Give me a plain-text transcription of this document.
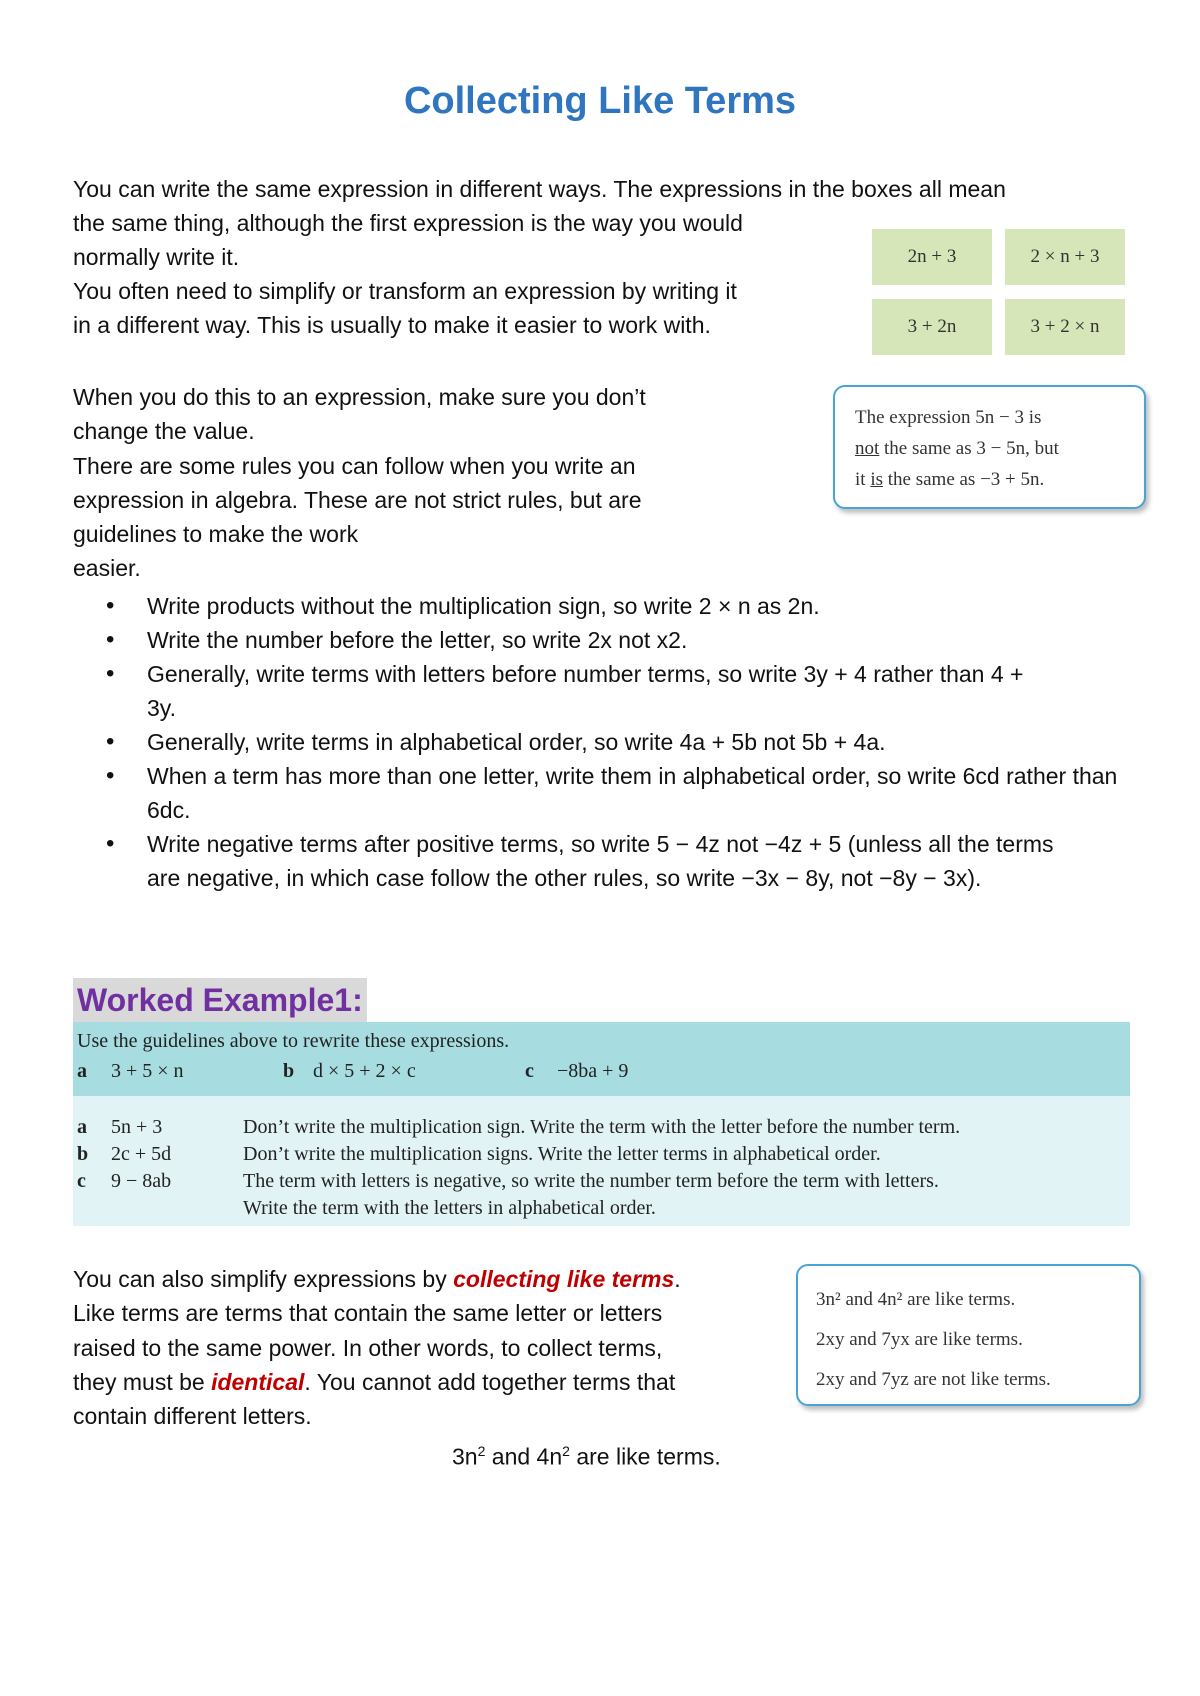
Collecting Like Terms
You can write the same expression in different ways. The expressions in the boxes all mean
the same thing, although the first expression is the way you would
normally write it.
You often need to simplify or transform an expression by writing it
in a different way. This is usually to make it easier to work with.
2n + 3	2 × n + 3
3 + 2n	3 + 2 × n
When you do this to an expression, make sure you don’t
change the value.
There are some rules you can follow when you write an
expression in algebra. These are not strict rules, but are
guidelines to make the work
easier.
The expression 5n − 3 is
not the same as 3 − 5n, but
it is the same as −3 + 5n.
• Write products without the multiplication sign, so write 2 × n as 2n.
• Write the number before the letter, so write 2x not x2.
• Generally, write terms with letters before number terms, so write 3y + 4 rather than 4 + 3y.
• Generally, write terms in alphabetical order, so write 4a + 5b not 5b + 4a.
• When a term has more than one letter, write them in alphabetical order, so write 6cd rather than 6dc.
• Write negative terms after positive terms, so write 5 − 4z not −4z + 5 (unless all the terms are negative, in which case follow the other rules, so write −3x − 8y, not −8y − 3x).
Worked Example1:
Use the guidelines above to rewrite these expressions.
a 3 + 5 × n	b d × 5 + 2 × c	c −8ba + 9
a 5n + 3	Don’t write the multiplication sign. Write the term with the letter before the number term.
b 2c + 5d	Don’t write the multiplication signs. Write the letter terms in alphabetical order.
c 9 − 8ab	The term with letters is negative, so write the number term before the term with letters.
Write the term with the letters in alphabetical order.
You can also simplify expressions by collecting like terms.
Like terms are terms that contain the same letter or letters
raised to the same power. In other words, to collect terms,
they must be identical. You cannot add together terms that
contain different letters.
3n² and 4n² are like terms.
2xy and 7yx are like terms.
2xy and 7yz are not like terms.
$3n^2$ and $4n^2$ are like terms.
